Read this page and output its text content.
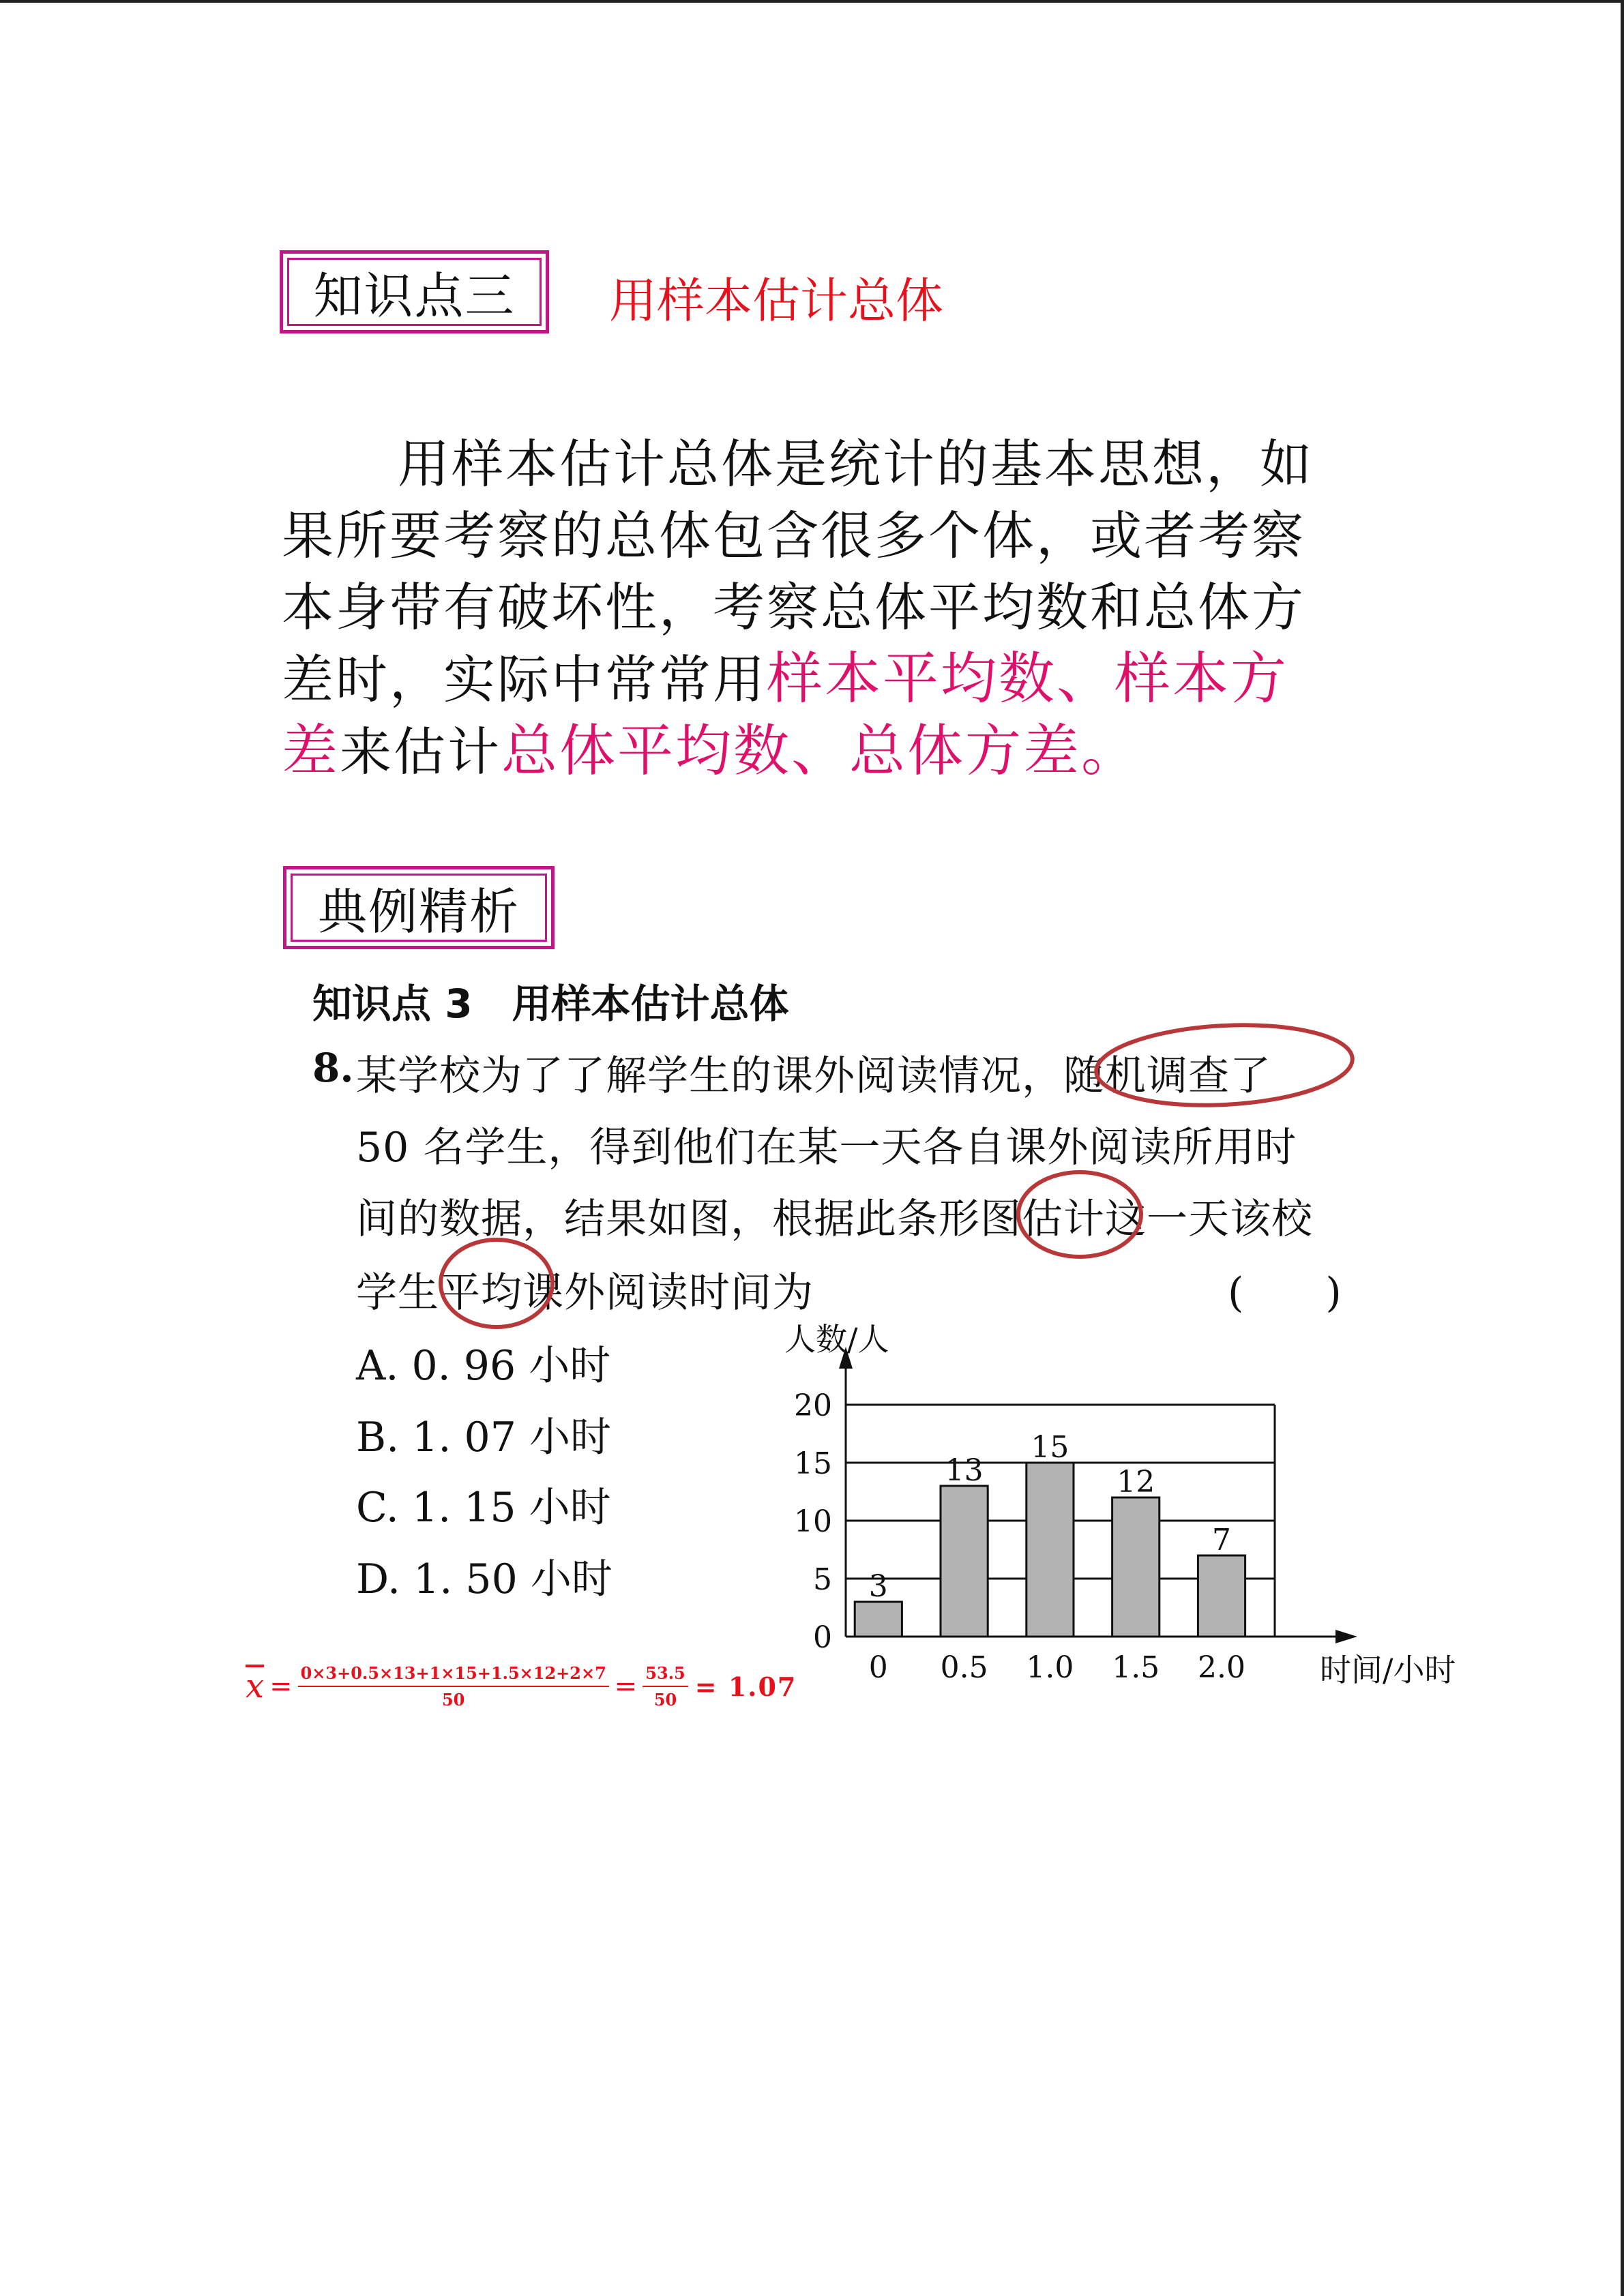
知识点三	用样本估计总体

用样本估计总体是统计的基本思想，如果所要考察的总体包含很多个体，或者考察本身带有破坏性，考察总体平均数和总体方差时，实际中常常用样本平均数、样本方差来估计总体平均数、总体方差。

典例精析
知识点 3　用样本估计总体
8. 某学校为了了解学生的课外阅读情况，随机调查了
50 名学生，得到他们在某一天各自课外阅读所用时
间的数据，结果如图，根据此条形图估计这一天该校
学生平均课外阅读时间为	(　　)
A. 0. 96 小时
B. 1. 07 小时
C. 1. 15 小时
D. 1. 50 小时
$\overline{x} = \frac{0\times 3+0.5\times 13+1\times 15+1.5\times 12+2\times 7}{50} = \frac{53.5}{50} = 1.07$
0
5
10
15
20
3
0
13
0.5
15
1.0
12
1.5
7
2.0
人数/人
时间/小时
